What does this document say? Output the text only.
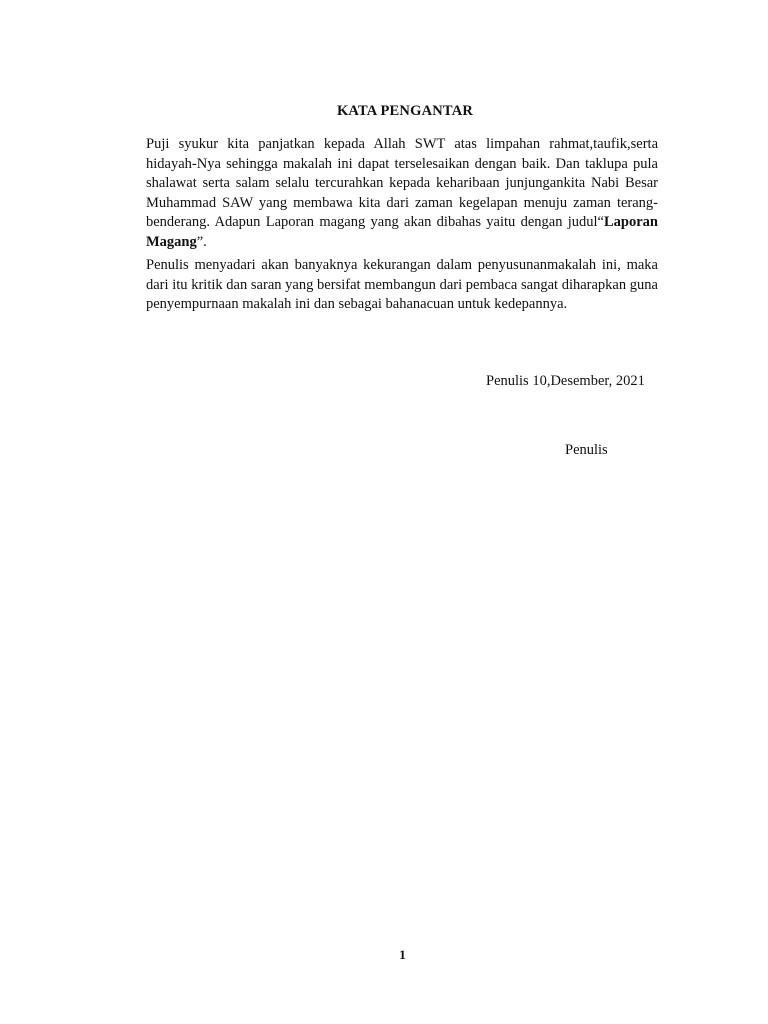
KATA PENGANTAR

Puji syukur kita panjatkan kepada Allah SWT atas limpahan rahmat,taufik,serta hidayah-Nya sehingga makalah ini dapat terselesaikan dengan baik. Dan taklupa pula shalawat serta salam selalu tercurahkan kepada keharibaan junjungankita Nabi Besar Muhammad SAW yang membawa kita dari zaman kegelapan menuju zaman terang-benderang. Adapun Laporan magang yang akan dibahas yaitu dengan judul“Laporan Magang”.

Penulis menyadari akan banyaknya kekurangan dalam penyusunanmakalah ini, maka dari itu kritik dan saran yang bersifat membangun dari pembaca sangat diharapkan guna penyempurnaan makalah ini dan sebagai bahanacuan untuk kedepannya.

Penulis 10,Desember, 2021
Penulis
1
